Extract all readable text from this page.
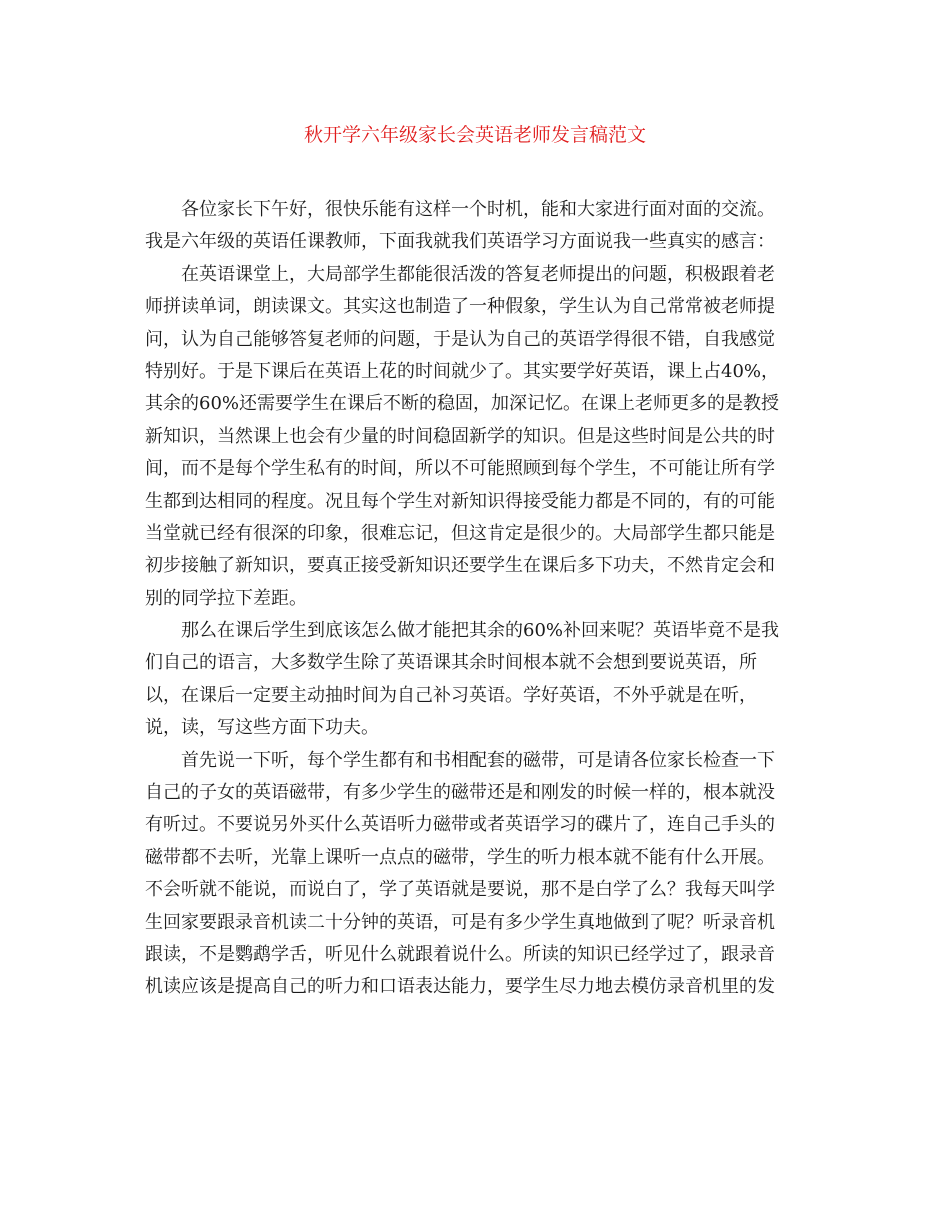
秋开学六年级家长会英语老师发言稿范文
各位家长下午好，很快乐能有这样一个时机，能和大家进行面对面的交流。
我是六年级的英语任课教师，下面我就我们英语学习方面说我一些真实的感言：
在英语课堂上，大局部学生都能很活泼的答复老师提出的问题，积极跟着老
师拼读单词，朗读课文。其实这也制造了一种假象，学生认为自己常常被老师提
问，认为自己能够答复老师的问题，于是认为自己的英语学得很不错，自我感觉
特别好。于是下课后在英语上花的时间就少了。其实要学好英语，课上占40%，
其余的60%还需要学生在课后不断的稳固，加深记忆。在课上老师更多的是教授
新知识，当然课上也会有少量的时间稳固新学的知识。但是这些时间是公共的时
间，而不是每个学生私有的时间，所以不可能照顾到每个学生，不可能让所有学
生都到达相同的程度。况且每个学生对新知识得接受能力都是不同的，有的可能
当堂就已经有很深的印象，很难忘记，但这肯定是很少的。大局部学生都只能是
初步接触了新知识，要真正接受新知识还要学生在课后多下功夫，不然肯定会和
别的同学拉下差距。
那么在课后学生到底该怎么做才能把其余的60%补回来呢？英语毕竟不是我
们自己的语言，大多数学生除了英语课其余时间根本就不会想到要说英语，所
以，在课后一定要主动抽时间为自己补习英语。学好英语，不外乎就是在听，
说，读，写这些方面下功夫。
首先说一下听，每个学生都有和书相配套的磁带，可是请各位家长检查一下
自己的子女的英语磁带，有多少学生的磁带还是和刚发的时候一样的，根本就没
有听过。不要说另外买什么英语听力磁带或者英语学习的碟片了，连自己手头的
磁带都不去听，光靠上课听一点点的磁带，学生的听力根本就不能有什么开展。
不会听就不能说，而说白了，学了英语就是要说，那不是白学了么？我每天叫学
生回家要跟录音机读二十分钟的英语，可是有多少学生真地做到了呢？听录音机
跟读，不是鹦鹉学舌，听见什么就跟着说什么。所读的知识已经学过了，跟录音
机读应该是提高自己的听力和口语表达能力，要学生尽力地去模仿录音机里的发
